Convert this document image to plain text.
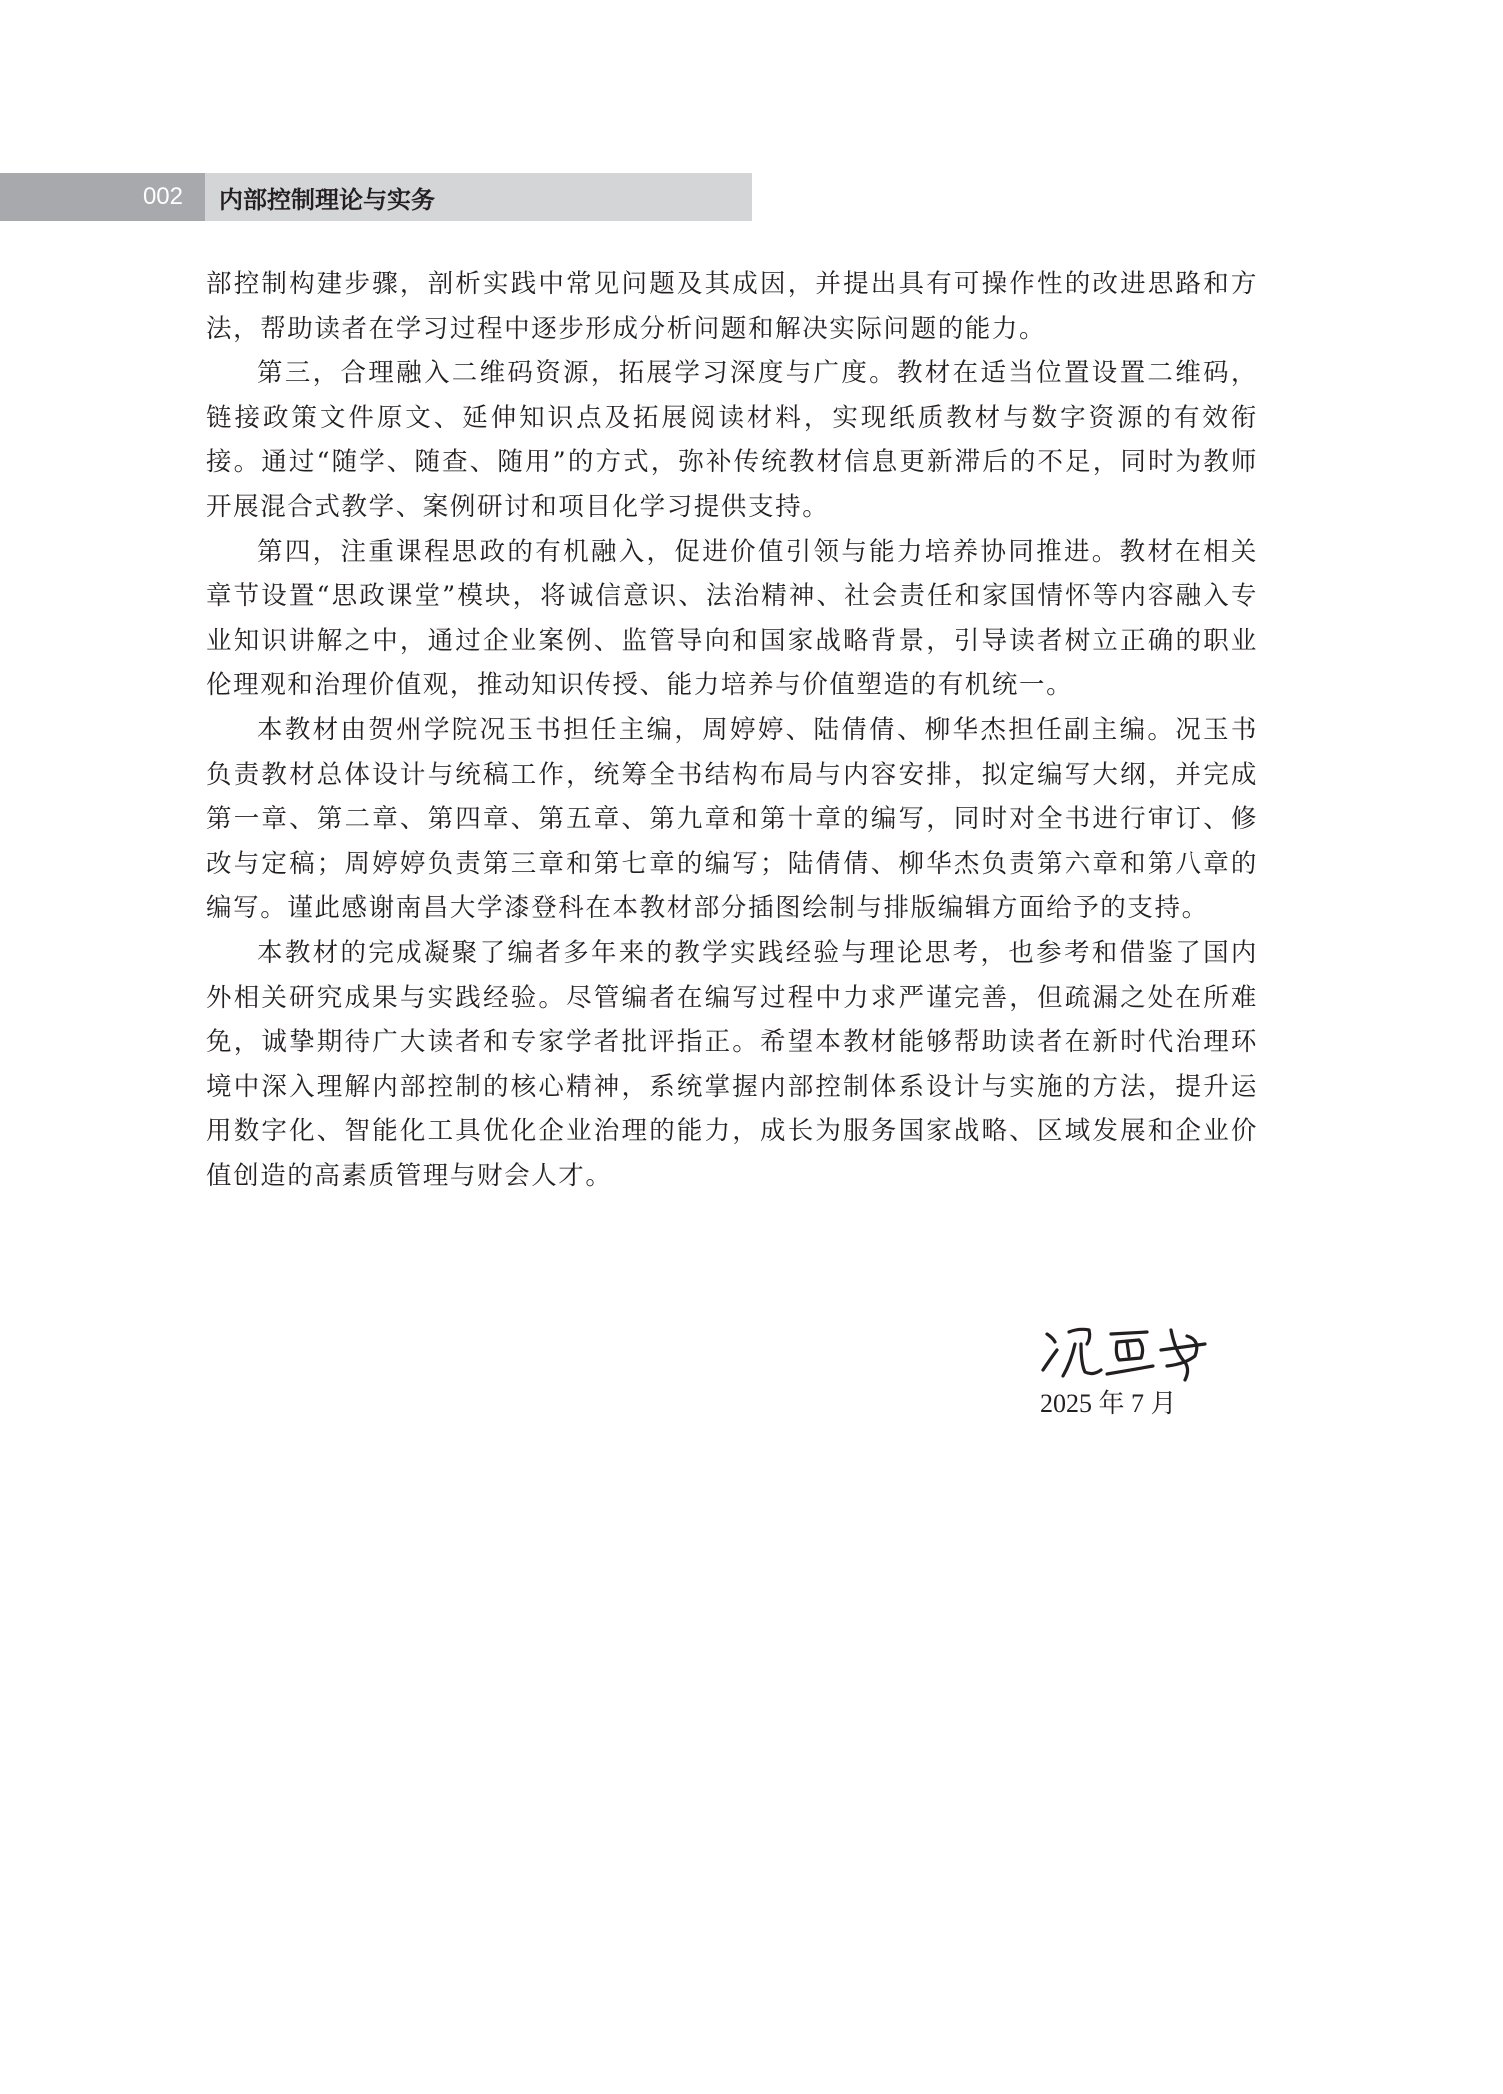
002	内部控制理论与实务

部控制构建步骤，剖析实践中常见问题及其成因，并提出具有可操作性的改进思路和方法，帮助读者在学习过程中逐步形成分析问题和解决实际问题的能力。

第三，合理融入二维码资源，拓展学习深度与广度。教材在适当位置设置二维码，链接政策文件原文、延伸知识点及拓展阅读材料，实现纸质教材与数字资源的有效衔接。通过“随学、随查、随用”的方式，弥补传统教材信息更新滞后的不足，同时为教师开展混合式教学、案例研讨和项目化学习提供支持。

第四，注重课程思政的有机融入，促进价值引领与能力培养协同推进。教材在相关章节设置“思政课堂”模块，将诚信意识、法治精神、社会责任和家国情怀等内容融入专业知识讲解之中，通过企业案例、监管导向和国家战略背景，引导读者树立正确的职业伦理观和治理价值观，推动知识传授、能力培养与价值塑造的有机统一。

本教材由贺州学院况玉书担任主编，周婷婷、陆倩倩、柳华杰担任副主编。况玉书负责教材总体设计与统稿工作，统筹全书结构布局与内容安排，拟定编写大纲，并完成第一章、第二章、第四章、第五章、第九章和第十章的编写，同时对全书进行审订、修改与定稿；周婷婷负责第三章和第七章的编写；陆倩倩、柳华杰负责第六章和第八章的编写。谨此感谢南昌大学漆登科在本教材部分插图绘制与排版编辑方面给予的支持。

本教材的完成凝聚了编者多年来的教学实践经验与理论思考，也参考和借鉴了国内外相关研究成果与实践经验。尽管编者在编写过程中力求严谨完善，但疏漏之处在所难免，诚挚期待广大读者和专家学者批评指正。希望本教材能够帮助读者在新时代治理环境中深入理解内部控制的核心精神，系统掌握内部控制体系设计与实施的方法，提升运用数字化、智能化工具优化企业治理的能力，成长为服务国家战略、区域发展和企业价值创造的高素质管理与财会人才。

2025 年 7 月
